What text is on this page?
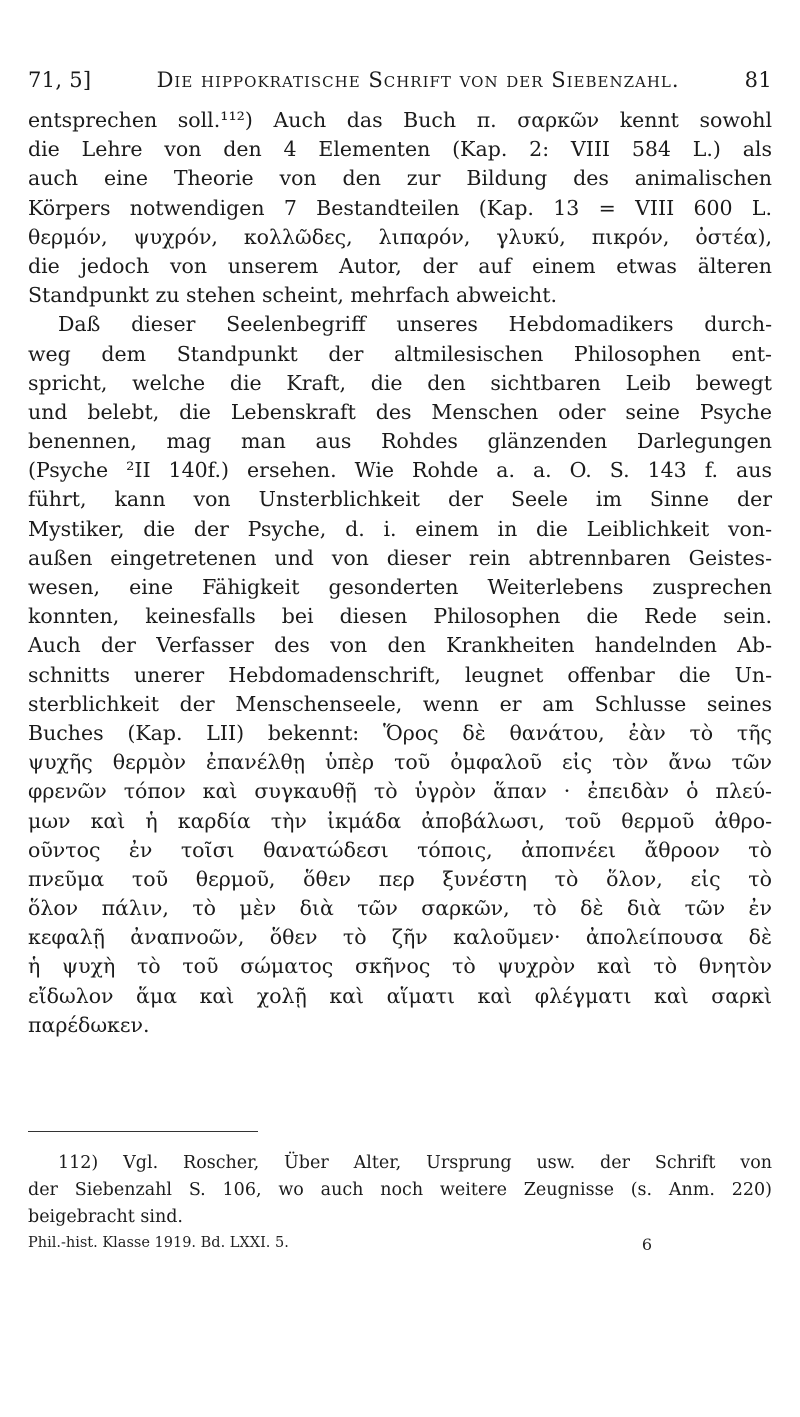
71, 5]	Die hippokratische Schrift von der Siebenzahl.	81
entsprechen soll.¹¹²) Auch das Buch π. σαρκῶν kennt sowohl
die Lehre von den 4 Elementen (Kap. 2: VIII 584 L.) als
auch eine Theorie von den zur Bildung des animalischen
Körpers notwendigen 7 Bestandteilen (Kap. 13 = VIII 600 L.
θερμόν, ψυχρόν, κολλῶδες, λιπαρόν, γλυκύ, πικρόν, ὀστέα),
die jedoch von unserem Autor, der auf einem etwas älteren
Standpunkt zu stehen scheint, mehrfach abweicht.
Daß dieser Seelenbegriff unseres Hebdomadikers durch-
weg dem Standpunkt der altmilesischen Philosophen ent-
spricht, welche die Kraft, die den sichtbaren Leib bewegt
und belebt, die Lebenskraft des Menschen oder seine Psyche
benennen, mag man aus Rohdes glänzenden Darlegungen
(Psyche ²II 140f.) ersehen. Wie Rohde a. a. O. S. 143 f. aus
führt, kann von Unsterblichkeit der Seele im Sinne der
Mystiker, die der Psyche, d. i. einem in die Leiblichkeit von-
außen eingetretenen und von dieser rein abtrennbaren Geistes-
wesen, eine Fähigkeit gesonderten Weiterlebens zusprechen
konnten, keinesfalls bei diesen Philosophen die Rede sein.
Auch der Verfasser des von den Krankheiten handelnden Ab-
schnitts unerer Hebdomadenschrift, leugnet offenbar die Un-
sterblichkeit der Menschenseele, wenn er am Schlusse seines
Buches (Kap. LII) bekennt: Ὅρος δὲ θανάτου, ἐὰν τὸ τῆς
ψυχῆς θερμὸν ἐπανέλθῃ ὑπὲρ τοῦ ὀμφαλοῦ εἰς τὸν ἄνω τῶν
φρενῶν τόπον καὶ συγκαυθῇ τὸ ὑγρὸν ἅπαν · ἐπειδὰν ὁ πλεύ-
μων καὶ ἡ καρδία τὴν ἰκμάδα ἀποβάλωσι, τοῦ θερμοῦ ἀθρο-
οῦντος ἐν τοῖσι θανατώδεσι τόποις, ἀποπνέει ἄθροον τὸ
πνεῦμα τοῦ θερμοῦ, ὅθεν περ ξυνέστη τὸ ὅλον, εἰς τὸ
ὅλον πάλιν, τὸ μὲν διὰ τῶν σαρκῶν, τὸ δὲ διὰ τῶν ἐν
κεφαλῇ ἀναπνοῶν, ὅθεν τὸ ζῆν καλοῦμεν· ἀπολείπουσα δὲ
ἡ ψυχὴ τὸ τοῦ σώματος σκῆνος τὸ ψυχρὸν καὶ τὸ θνητὸν
εἴδωλον ἅμα καὶ χολῇ καὶ αἵματι καὶ φλέγματι καὶ σαρκὶ
παρέδωκεν.
112) Vgl. Roscher, Über Alter, Ursprung usw. der Schrift von
der Siebenzahl S. 106, wo auch noch weitere Zeugnisse (s. Anm. 220)
beigebracht sind.
Phil.-hist. Klasse 1919. Bd. LXXI. 5.	6
